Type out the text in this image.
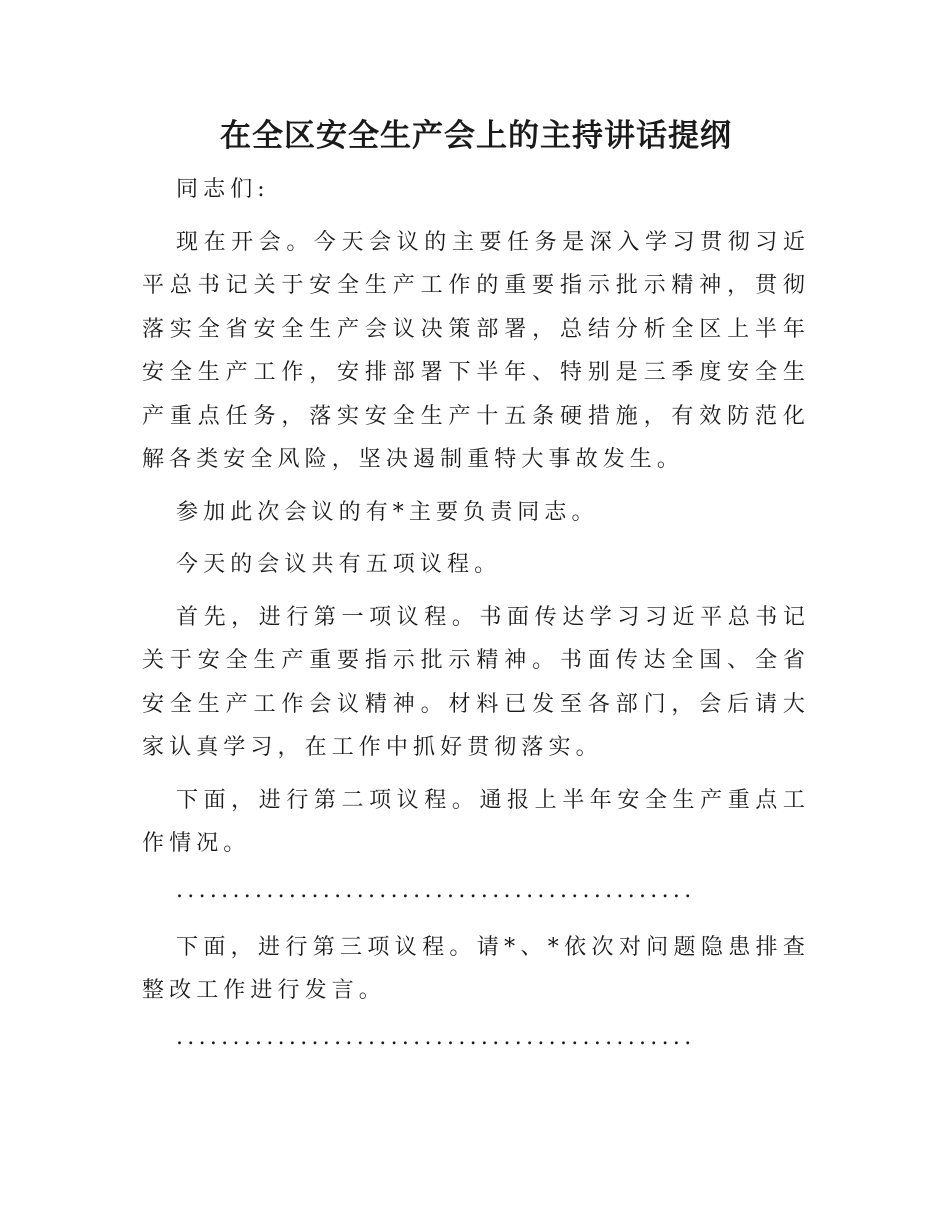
在全区安全生产会上的主持讲话提纲

同志们:

现在开会。今天会议的主要任务是深入学习贯彻习近平总书记关于安全生产工作的重要指示批示精神，贯彻落实全省安全生产会议决策部署，总结分析全区上半年安全生产工作，安排部署下半年、特别是三季度安全生产重点任务，落实安全生产十五条硬措施，有效防范化解各类安全风险，坚决遏制重特大事故发生。

参加此次会议的有*主要负责同志。

今天的会议共有五项议程。

首先，进行第一项议程。书面传达学习习近平总书记关于安全生产重要指示批示精神。书面传达全国、全省安全生产工作会议精神。材料已发至各部门，会后请大家认真学习，在工作中抓好贯彻落实。

下面，进行第二项议程。通报上半年安全生产重点工作情况。

..............................................

下面，进行第三项议程。请*、*依次对问题隐患排查整改工作进行发言。

..............................................
